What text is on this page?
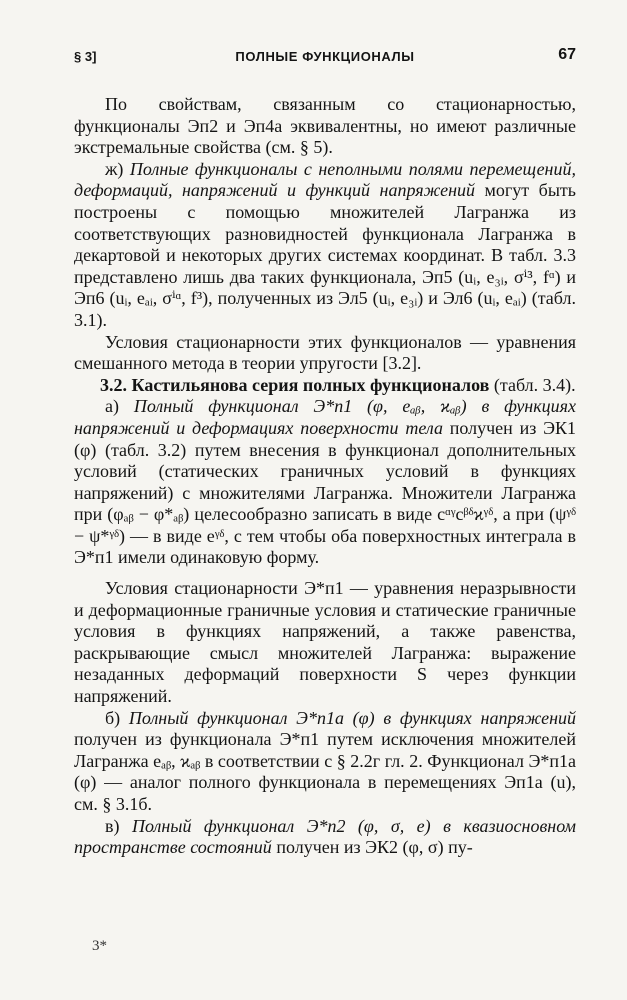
§ 3]	ПОЛНЫЕ ФУНКЦИОНАЛЫ	67

По свойствам, связанным со стационарностью, функционалы Эп2 и Эп4а эквивалентны, но имеют различные экстремальные свойства (см. § 5).

ж) Полные функционалы с неполными полями перемещений, деформаций, напряжений и функций напряжений могут быть построены с помощью множителей Лагранжа из соответствующих разновидностей функционала Лагранжа в декартовой и некоторых других системах координат. В табл. 3.3 представлено лишь два таких функционала, Эп5 (uᵢ, e₃ᵢ, σⁱ³, fᵅ) и Эп6 (uᵢ, eₐᵢ, σⁱᵅ, f³), полученных из Эл5 (uᵢ, e₃ᵢ) и Эл6 (uᵢ, eₐᵢ) (табл. 3.1).

Условия стационарности этих функционалов — уравнения смешанного метода в теории упругости [3.2].

3.2. Кастильянова серия полных функционалов (табл. 3.4).

а) Полный функционал Э*п1 (φ, eₐᵦ, ϰₐᵦ) в функциях напряжений и деформациях поверхности тела получен из ЭК1 (φ) (табл. 3.2) путем внесения в функционал дополнительных условий (статических граничных условий в функциях напряжений) с множителями Лагранжа. Множители Лагранжа при (φₐᵦ − φ*ₐᵦ) целесообразно записать в виде cᵅᵞcᵝᵟϰᵞᵟ, а при (ψᵞᵟ − ψ*ᵞᵟ) — в виде eᵞᵟ, с тем чтобы оба поверхностных интеграла в Э*п1 имели одинаковую форму.

Условия стационарности Э*п1 — уравнения неразрывности и деформационные граничные условия и статические граничные условия в функциях напряжений, а также равенства, раскрывающие смысл множителей Лагранжа: выражение незаданных деформаций поверхности S через функции напряжений.

б) Полный функционал Э*п1а (φ) в функциях напряжений получен из функционала Э*п1 путем исключения множителей Лагранжа eₐᵦ, ϰₐᵦ в соответствии с § 2.2г гл. 2. Функционал Э*п1а (φ) — аналог полного функционала в перемещениях Эп1а (u), см. § 3.1б.

в) Полный функционал Э*п2 (φ, σ, e) в квазиосновном пространстве состояний получен из ЭК2 (φ, σ) пу-

3*
